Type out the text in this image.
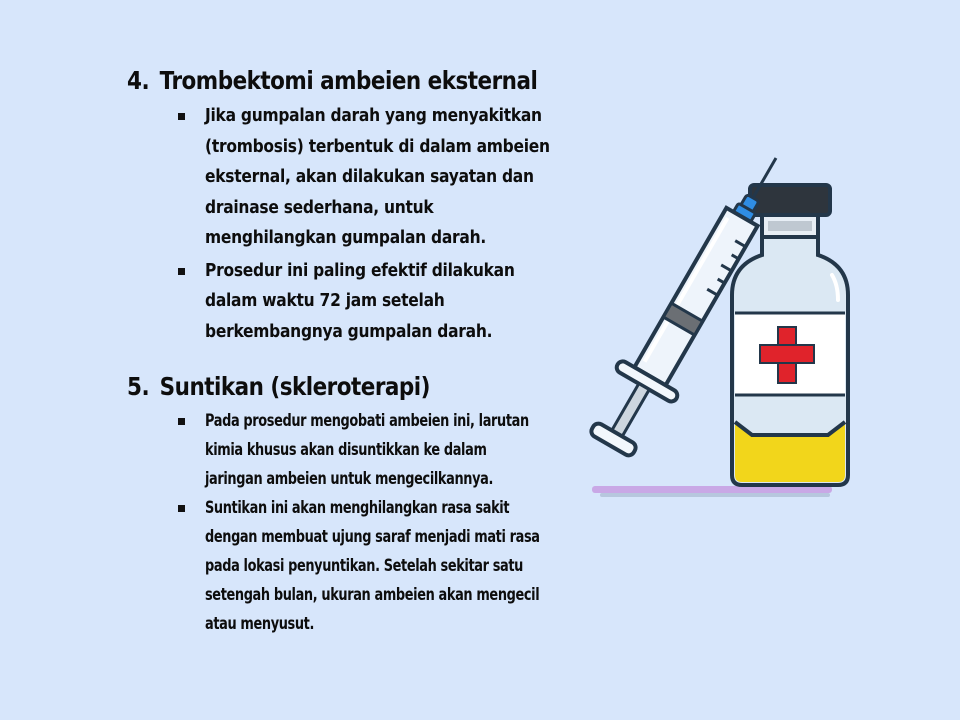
4. Trombektomi ambeien eksternal
Jika gumpalan darah yang menyakitkan
(trombosis) terbentuk di dalam ambeien
eksternal, akan dilakukan sayatan dan
drainase sederhana, untuk
menghilangkan gumpalan darah.
Prosedur ini paling efektif dilakukan
dalam waktu 72 jam setelah
berkembangnya gumpalan darah.
5. Suntikan (skleroterapi)
Pada prosedur mengobati ambeien ini, larutan
kimia khusus akan disuntikkan ke dalam
jaringan ambeien untuk mengecilkannya.
Suntikan ini akan menghilangkan rasa sakit
dengan membuat ujung saraf menjadi mati rasa
pada lokasi penyuntikan. Setelah sekitar satu
setengah bulan, ukuran ambeien akan mengecil
atau menyusut.
